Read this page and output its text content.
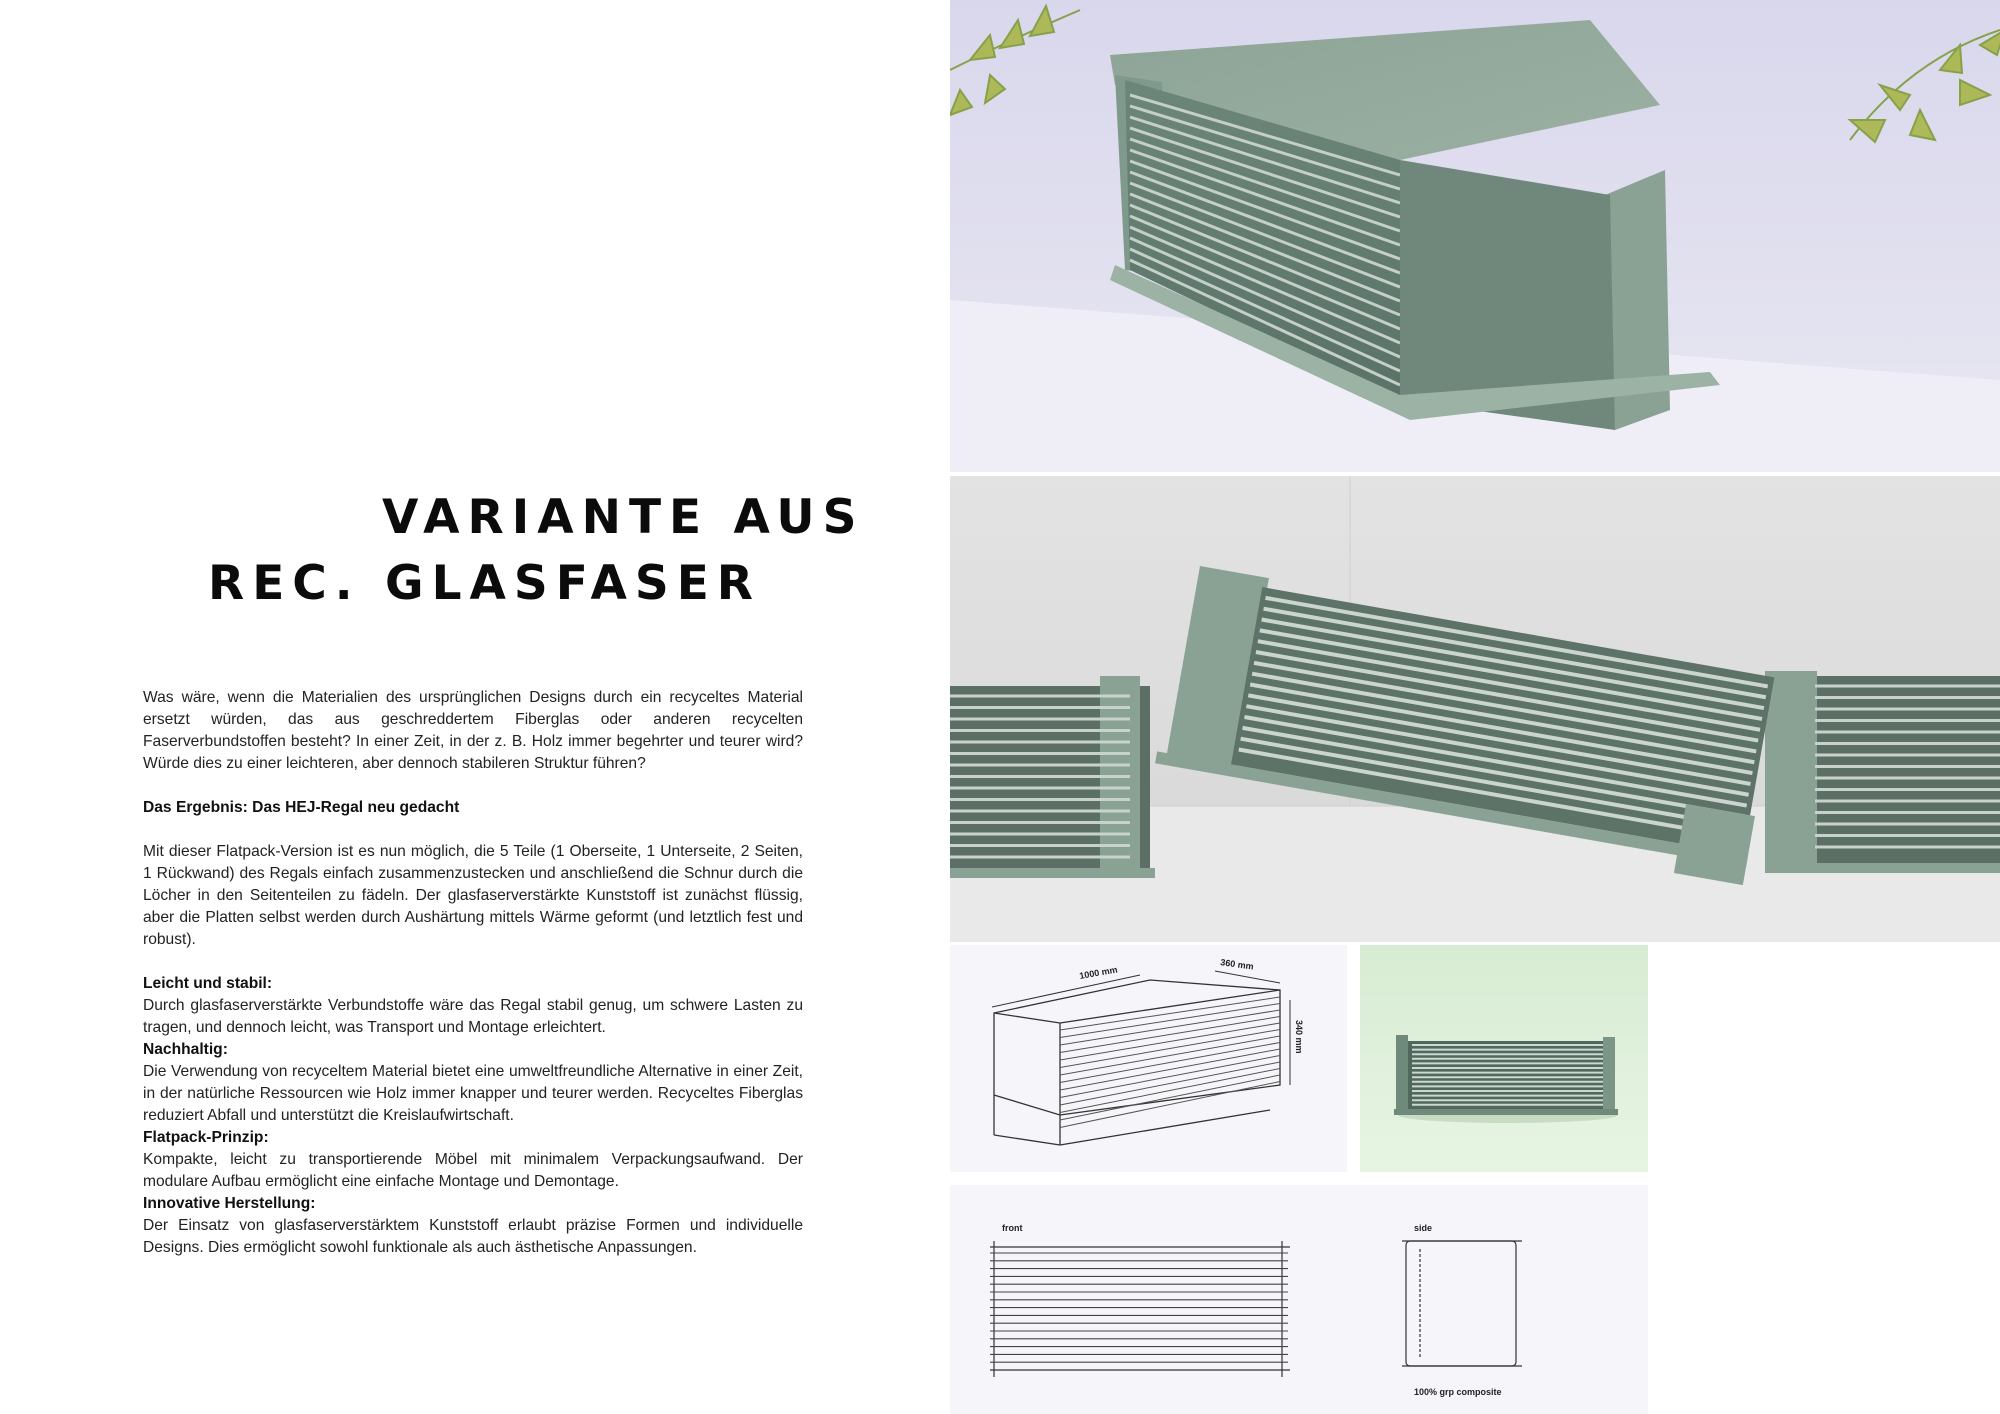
VARIANTE AUS
REC. GLASFASER

Was wäre, wenn die Materialien des ursprünglichen Designs durch ein recyceltes Material ersetzt würden, das aus geschreddertem Fiberglas oder anderen recycelten Faserverbundstoffen besteht? In einer Zeit, in der z. B. Holz immer begehrter und teurer wird? Würde dies zu einer leichteren, aber dennoch stabileren Struktur führen?

Das Ergebnis: Das HEJ-Regal neu gedacht

Mit dieser Flatpack-Version ist es nun möglich, die 5 Teile (1 Oberseite, 1 Unterseite, 2 Seiten, 1 Rückwand) des Regals einfach zusammenzustecken und anschließend die Schnur durch die Löcher in den Seitenteilen zu fädeln. Der glasfaserverstärkte Kunststoff ist zunächst flüssig, aber die Platten selbst werden durch Aushärtung mittels Wärme geformt (und letztlich fest und robust).

Leicht und stabil:

Durch glasfaserverstärkte Verbundstoffe wäre das Regal stabil genug, um schwere Lasten zu tragen, und dennoch leicht, was Transport und Montage erleichtert.

Nachhaltig:

Die Verwendung von recyceltem Material bietet eine umweltfreundliche Alternative in einer Zeit, in der natürliche Ressourcen wie Holz immer knapper und teurer werden. Recyceltes Fiberglas reduziert Abfall und unterstützt die Kreislaufwirtschaft.

Flatpack-Prinzip:

Kompakte, leicht zu transportierende Möbel mit minimalem Verpackungsaufwand. Der modulare Aufbau ermöglicht eine einfache Montage und Demontage.

Innovative Herstellung:

Der Einsatz von glasfaserverstärktem Kunststoff erlaubt präzise Formen und individuelle Designs. Dies ermöglicht sowohl funktionale als auch ästhetische Anpassungen.

1000 mm
360 mm
340 mm
front	side
100% grp composite
